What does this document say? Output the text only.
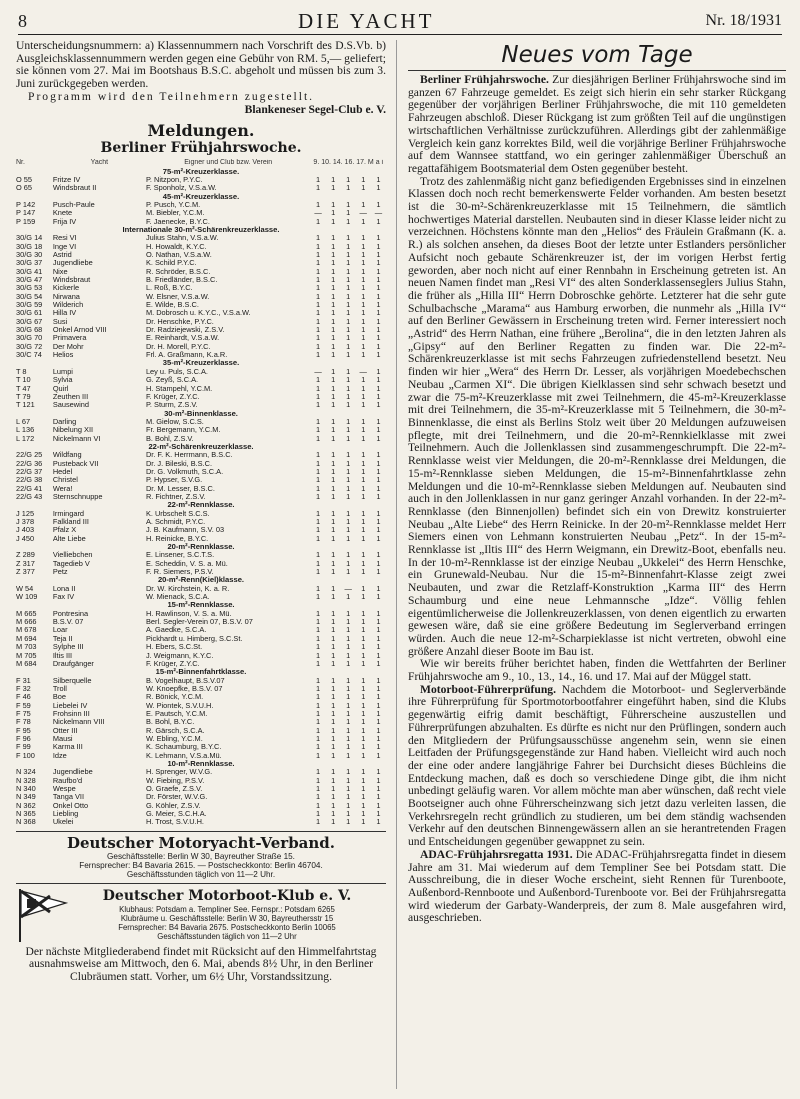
8	DIE YACHT	Nr. 18/1931

Unterscheidungsnummern: a) Klassennummern nach Vorschrift des D.S.Vb. b) Ausgleichsklassennummern werden gegen eine Gebühr von RM. 5,— geliefert; sie können vom 27. Mai im Bootshaus B.S.C. abgeholt und müssen bis zum 3. Juni zurückgegeben werden.

Programm wird den Teilnehmern zugestellt.

Blankeneser Segel-Club e. V.
Meldungen.
Berliner Frühjahrswoche.
Nr.	Yacht	Eigner und Club bzw. Verein	9. 10. 14. 16. 17. M a i				
75-m²-Kreuzerklasse.							
O 55	Fritze IV	P. Nitzpon, P.Y.C.	1	1	1	1	1
O 65	Windsbraut II	F. Sponholz, V.S.a.W.	1	1	1	1	1
45-m²-Kreuzerklasse.							
P 142	Pusch-Paule	P. Pusch, Y.C.M.	1	1	1	1	1
P 147	Knete	M. Biebler, Y.C.M.	—	1	1	—	—
P 159	Frija IV	F. Jaenecke, B.Y.C.	1	1	1	1	1
Internationale 30-m²-Schärenkreuzerklasse.							
30/G 14	Resi VI	Julius Stahn, V.S.a.W.	1	1	1	1	1
30/G 18	Inge VI	H. Howaldt, K.Y.C.	1	1	1	1	1
30/G 30	Astrid	O. Nathan, V.S.a.W.	1	1	1	1	1
30/G 37	Jugendliebe	K. Schild P.Y.C.	1	1	1	1	1
30/G 41	Nixe	R. Schröder, B.S.C.	1	1	1	1	1
30/G 47	Windsbraut	B. Friedländer, B.S.C.	1	1	1	1	1
30/G 53	Kickerle	L. Roß, B.Y.C.	1	1	1	1	1
30/G 54	Nirwana	W. Elsner, V.S.a.W.	1	1	1	1	1
30/G 59	Wilderich	E. Wilde, B.S.C.	1	1	1	1	1
30/G 61	Hilla IV	M. Dobrosch u. K.Y.C., V.S.a.W.	1	1	1	1	1
30/G 67	Susi	Dr. Henschke, P.Y.C.	1	1	1	1	1
30/G 68	Onkel Arnod VIII	Dr. Radziejewski, Z.S.V.	1	1	1	1	1
30/G 70	Primavera	E. Reinhardt, V.S.a.W.	1	1	1	1	1
30/G 72	Der Mohr	Dr. H. Morell, P.Y.C.	1	1	1	1	1
30/C 74	Helios	Frl. A. Graßmann, K.a.R.	1	1	1	1	1
35-m²-Kreuzerklasse.							
T 8	Lumpi	Ley u. Puls, S.C.A.	—	1	1	—	1
T 10	Sylvia	G. Zeyß, S.C.A.	1	1	1	1	1
T 47	Quirl	H. Stampehl, Y.C.M.	1	1	1	1	1
T 79	Zeuthen III	F. Krüger, Z.Y.C.	1	1	1	1	1
T 121	Sausewind	P. Sturm, Z.S.V.	1	1	1	1	1
30-m²-Binnenklasse.							
L 67	Darling	M. Gielow, S.C.S.	1	1	1	1	1
L 136	Nibelung XII	Fr. Bergemann, Y.C.M.	1	1	1	1	1
L 172	Nickelmann VI	B. Bohl, Z.S.V.	1	1	1	1	1
22-m²-Schärenkreuzerklasse.							
22/G 25	Wildfang	Dr. F. K. Herrmann, B.S.C.	1	1	1	1	1
22/G 36	Pusteback VII	Dr. J. Bileski, B.S.C.	1	1	1	1	1
22/G 37	Hedel	Dr. G. Volkmuth, S.C.A.	1	1	1	1	1
22/G 38	Christel	P. Hypser, S.V.G.	1	1	1	1	1
22/G 41	Wera!	Dr. M. Lesser, B.S.C.	1	1	1	1	1
22/G 43	Sternschnuppe	R. Fichtner, Z.S.V.	1	1	1	1	1
22-m²-Rennklasse.							
J 125	Irmingard	K. Urbschelt S.C.S.	1	1	1	1	1
J 378	Falkland III	A. Schmidt, P.Y.C.	1	1	1	1	1
J 403	Pfalz X	J. B. Kaufmann, S.V. 03	1	1	1	1	1
J 450	Alte Liebe	H. Reinicke, B.Y.C.	1	1	1	1	1
20-m²-Rennklasse.							
Z 289	Vielliebchen	E. Linsener, S.C.T.S.	1	1	1	1	1
Z 317	Tagedieb V	E. Scheddin, V. S. a. Mü.	1	1	1	1	1
Z 377	Petz	F. R. Siemers, P.S.V.	1	1	1	1	1
20-m²-Renn(Kiel)klasse.							
W 54	Lona II	Dr. W. Kirchstein, K. a. R.	1	1	—	1	1
W 109	Fax IV	W. Mienack, S.C.A.	1	1	1	1	1
15-m²-Rennklasse.							
M 665	Pontresina	H. Rawlinson, V. S. a. Mü.	1	1	1	1	1
M 666	B.S.V. 07	Berl. Segler-Verein 07, B.S.V. 07	1	1	1	1	1
M 678	Loar	A. Gaedke, S.C.A.	1	1	1	1	1
M 694	Teja II	Pickhardt u. Himberg, S.C.St.	1	1	1	1	1
M 703	Sylphe III	H. Ebers, S.C.St.	1	1	1	1	1
M 705	Iltis III	J. Weigmann, K.Y.C.	1	1	1	1	1
M 684	Draufgänger	F. Krüger, Z.Y.C.	1	1	1	1	1
15-m²-Binnenfahrtklasse.							
F 31	Silberquelle	B. Vogelhaupt, B.S.V.07	1	1	1	1	1
F 32	Troll	W. Knoepfke, B.S.V. 07	1	1	1	1	1
F 46	Boe	R. Bönick, Y.C.M.	1	1	1	1	1
F 59	Liebelei IV	W. Piontek, S.V.U.H.	1	1	1	1	1
F 75	Frohsinn III	E. Pautsch, Y.C.M.	1	1	1	1	1
F 78	Nickelmann VIII	B. Bohl, B.Y.C.	1	1	1	1	1
F 95	Otter III	R. Gärsch, S.C.A.	1	1	1	1	1
F 96	Mausi	W. Ebling, Y.C.M.	1	1	1	1	1
F 99	Karma III	K. Schaumburg, B.Y.C.	1	1	1	1	1
F 100	Idze	K. Lehmann, V.S.a.Mü.	1	1	1	1	1
10-m²-Rennklasse.							
N 324	Jugendliebe	H. Sprenger, W.V.G.	1	1	1	1	1
N 328	Raufbo'd	W. Fiebing, P.S.V.	1	1	1	1	1
N 340	Wespe	O. Graefe, Z.S.V.	1	1	1	1	1
N 349	Tanga VII	Dr. Förster, W.V.G.	1	1	1	1	1
N 362	Onkel Otto	G. Köhler, Z.S.V.	1	1	1	1	1
N 365	Liebling	G. Meier, S.C.H.A.	1	1	1	1	1
N 368	Ukelei	H. Trost, S.V.U.H.	1	1	1	1	1
Deutscher Motoryacht-Verband.
Geschäftsstelle: Berlin W 30, Bayreuther Straße 15.
Fernsprecher: B4 Bavaria 2615. — Postscheckkonto: Berlin 46704.
Geschäftsstunden täglich von 11—2 Uhr.
Deutscher Motorboot-Klub e. V.
Klubhaus: Potsdam a. Templiner See. Fernspr.: Potsdam 6265
Klubräume u. Geschäftsstelle: Berlin W 30, Bayreuthersstr 15
Fernsprecher: B4 Bavaria 2675. Postscheckkonto Berlin 10065
Geschäftsstunden täglich von 11—2 Uhr

Der nächste Mitgliederabend findet mit Rücksicht auf den Himmelfahrtstag ausnahmsweise am Mittwoch, den 6. Mai, abends 8½ Uhr, in den Berliner Clubräumen statt. Vorher, um 6½ Uhr, Vorstandssitzung.

Neues vom Tage

Berliner Frühjahrswoche. Zur diesjährigen Berliner Frühjahrswoche sind im ganzen 67 Fahrzeuge gemeldet. Es zeigt sich hierin ein sehr starker Rückgang gegenüber der vorjährigen Berliner Frühjahrswoche, die mit 110 gemeldeten Fahrzeugen abschloß. Dieser Rückgang ist zum größten Teil auf die ungünstigen wirtschaftlichen Verhältnisse zurückzuführen. Allerdings gibt der zahlenmäßige Vergleich kein ganz korrektes Bild, weil die vorjährige Berliner Frühjahrswoche auf dem Wannsee stattfand, wo ein geringer zahlenmäßiger Überschuß an regattafähigem Bootsmaterial dem Osten gegenüber besteht.

Trotz des zahlenmäßig nicht ganz befiedigenden Ergebnisses sind in einzelnen Klassen doch noch recht bemerkenswerte Felder vorhanden. Am besten besetzt ist die 30-m²-Schärenkreuzerklasse mit 15 Teilnehmern, die sämtlich hochwertiges Material darstellen. Neubauten sind in dieser Klasse leider nicht zu verzeichnen. Höchstens könnte man den „Helios“ des Fräulein Graßmann (K. a. R.) als solchen ansehen, da dieses Boot der letzte unter Estlanders persönlicher Aufsicht noch gebaute Schärenkreuzer ist, der im vorigen Herbst fertig geworden, aber noch nicht auf einer Rennbahn in Erscheinung getreten ist. An neuen Namen findet man „Resi VI“ des alten Sonderklassenseglers Julius Stahn, die früher als „Hilla III“ Herrn Dobroschke gehörte. Letzterer hat die sehr gute Schulbachsche „Marama“ aus Hamburg erworben, die nunmehr als „Hilla IV“ auf den Berliner Gewässern in Erscheinung treten wird. Ferner interessiert noch „Astrid“ des Herrn Nathan, eine frühere „Berolina“, die in den letzten Jahren als „Gipsy“ auf den Berliner Regatten zu finden war. Die 22-m²-Schärenkreuzerklasse ist mit sechs Fahrzeugen zufriedenstellend besetzt. Neu finden wir hier „Wera“ des Herrn Dr. Lesser, als vorjährigen Moedebechschen Neubau „Carmen XI“. Die übrigen Kielklassen sind sehr schwach besetzt und zwar die 75-m²-Kreuzerklasse mit zwei Teilnehmern, die 45-m²-Kreuzerklasse mit drei Teilnehmern, die 35-m²-Kreuzerklasse mit 5 Teilnehmern, die 30-m²-Binnenklasse, die einst als Berlins Stolz weit über 20 Meldungen aufzuweisen pflegte, mit drei Teilnehmern, und die 20-m²-Rennkielklasse mit zwei Teilnehmern. Auch die Jollenklassen sind zusammengeschrumpft. Die 22-m²-Rennklasse weist vier Meldungen, die 20-m²-Rennklasse drei Meldungen, die 15-m²-Rennklasse sieben Meldungen, die 15-m²-Binnenfahrtklasse zehn Meldungen und die 10-m²-Rennklasse sieben Meldungen auf. Neubauten sind auch in den Jollenklassen in nur ganz geringer Anzahl vorhanden. In der 22-m²-Rennklasse (den Binnenjollen) befindet sich ein von Drewitz konstruierter Neubau „Alte Liebe“ des Herrn Reinicke. In der 20-m²-Rennklasse meldet Herr Siemers einen von Lehmann konstruierten Neubau „Petz“. In der 15-m²-Rennklasse ist „Iltis III“ des Herrn Weigmann, ein Drewitz-Boot, ebenfalls neu. In der 10-m²-Rennklasse ist der einzige Neubau „Ukkelei“ des Herrn Henschke, ein Grunewald-Neubau. Nur die 15-m²-Binnenfahrt-Klasse zeigt zwei Neubauten, und zwar die Retzlaff-Konstruktion „Karma III“ des Herrn Schaumburg und eine neue Lehmannsche „Idze“. Völlig fehlen eigentümlicherweise die Jollenkreuzerklassen, von denen eigentlich zu erwarten gewesen wäre, daß sie eine größere Bedeutung im Seglerverband erringen würden. Auch die neue 12-m²-Scharpieklasse ist nicht vertreten, obwohl eine größere Anzahl dieser Boote im Bau ist.

Wie wir bereits früher berichtet haben, finden die Wettfahrten der Berliner Frühjahrswoche am 9., 10., 13., 14., 16. und 17. Mai auf der Müggel statt.

Motorboot-Führerprüfung. Nachdem die Motorboot- und Seglerverbände ihre Führerprüfung für Sportmotorbootfahrer eingeführt haben, sind die Klubs gegenwärtig eifrig damit beschäftigt, Führerscheine auszustellen und Führerprüfungen abzuhalten. Es dürfte es nicht nur den Prüflingen, sondern auch den Mitgliedern der Prüfungsausschüsse angenehm sein, wenn sie einen Leitfaden der Prüfungsgegenstände zur Hand haben. Vielleicht wird auch noch der eine oder andere langjährige Fahrer bei Durchsicht dieses Büchleins die Entdeckung machen, daß es doch so verschiedene Dinge gibt, die ihm nicht unbedingt geläufig waren. Vor allem möchte man aber wünschen, daß recht viele Bootseigner auch ohne Führerscheinzwang sich jetzt dazu verleiten lassen, die Verkehrsregeln recht gründlich zu studieren, um bei dem ständig wachsenden Verkehr auf den deutschen Binnengewässern allen an sie herantretenden Fragen und Entscheidungen gegenüber gewappnet zu sein.

ADAC-Frühjahrsregatta 1931. Die ADAC-Frühjahrsregatta findet in diesem Jahre am 31. Mai wiederum auf dem Templiner See bei Potsdam statt. Die Ausschreibung, die in dieser Woche erscheint, sieht Rennen für Turenboote, Außenbord-Rennboote und Außenbord-Turenboote vor. Bei der Frühjahrsregatta wird wiederum der Garbaty-Wanderpreis, der zum 8. Male ausgefahren wird, ausgeschrieben.
